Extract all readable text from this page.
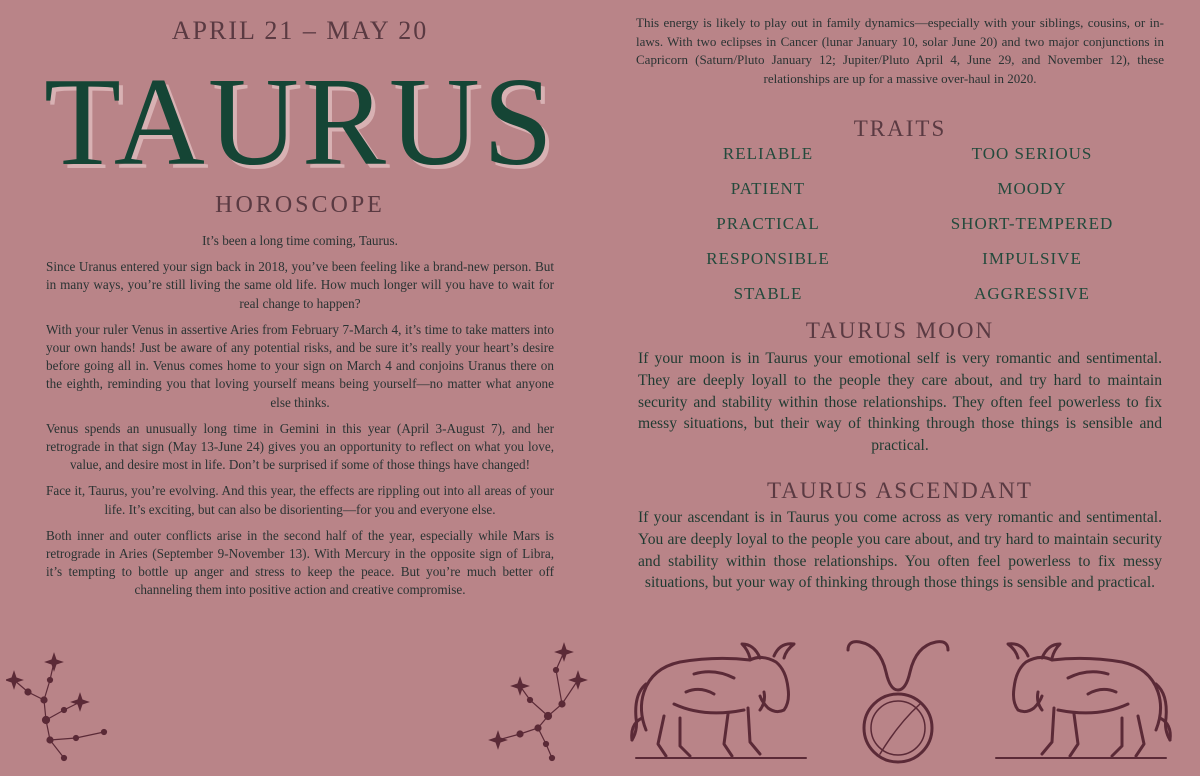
APRIL 21 – MAY 20
TAURUS
HOROSCOPE

It’s been a long time coming, Taurus.

Since Uranus entered your sign back in 2018, you’ve been feeling like a brand-new person. But in many ways, you’re still living the same old life. How much longer will you have to wait for real change to happen?

With your ruler Venus in assertive Aries from February 7-March 4, it’s time to take matters into your own hands! Just be aware of any potential risks, and be sure it’s really your heart’s desire before going all in. Venus comes home to your sign on March 4 and conjoins Uranus there on the eighth, reminding you that loving yourself means being yourself—no matter what anyone else thinks.

Venus spends an unusually long time in Gemini in this year (April 3-August 7), and her retrograde in that sign (May 13-June 24) gives you an opportunity to reflect on what you love, value, and desire most in life. Don’t be surprised if some of those things have changed!

Face it, Taurus, you’re evolving. And this year, the effects are rippling out into all areas of your life. It’s exciting, but can also be disorienting—for you and everyone else.

Both inner and outer conflicts arise in the second half of the year, especially while Mars is retrograde in Aries (September 9-November 13). With Mercury in the opposite sign of Libra, it’s tempting to bottle up anger and stress to keep the peace. But you’re much better off channeling them into positive action and creative compromise.

This energy is likely to play out in family dynamics—especially with your siblings, cousins, or in-laws. With two eclipses in Cancer (lunar January 10, solar June 20) and two major conjunctions in Capricorn (Saturn/Pluto January 12; Jupiter/Pluto April 4, June 29, and November 12), these relationships are up for a massive over-haul in 2020.

TRAITS
RELIABLE
PATIENT
PRACTICAL
RESPONSIBLE
STABLE
TOO SERIOUS
MOODY
SHORT-TEMPERED
IMPULSIVE
AGGRESSIVE
TAURUS MOON
If your moon is in Taurus your emotional self is very romantic and sentimental. They are deeply loyall to the people they care about, and try hard to maintain security and stability within those relationships. They often feel powerless to fix messy situations, but their way of thinking through those things is sensible and practical.
TAURUS ASCENDANT
If your ascendant is in Taurus you come across as very romantic and sentimental. You are deeply loyal to the people you care about, and try hard to maintain security and stability within those relationships. You often feel powerless to fix messy situations, but your way of thinking through those things is sensible and practical.
